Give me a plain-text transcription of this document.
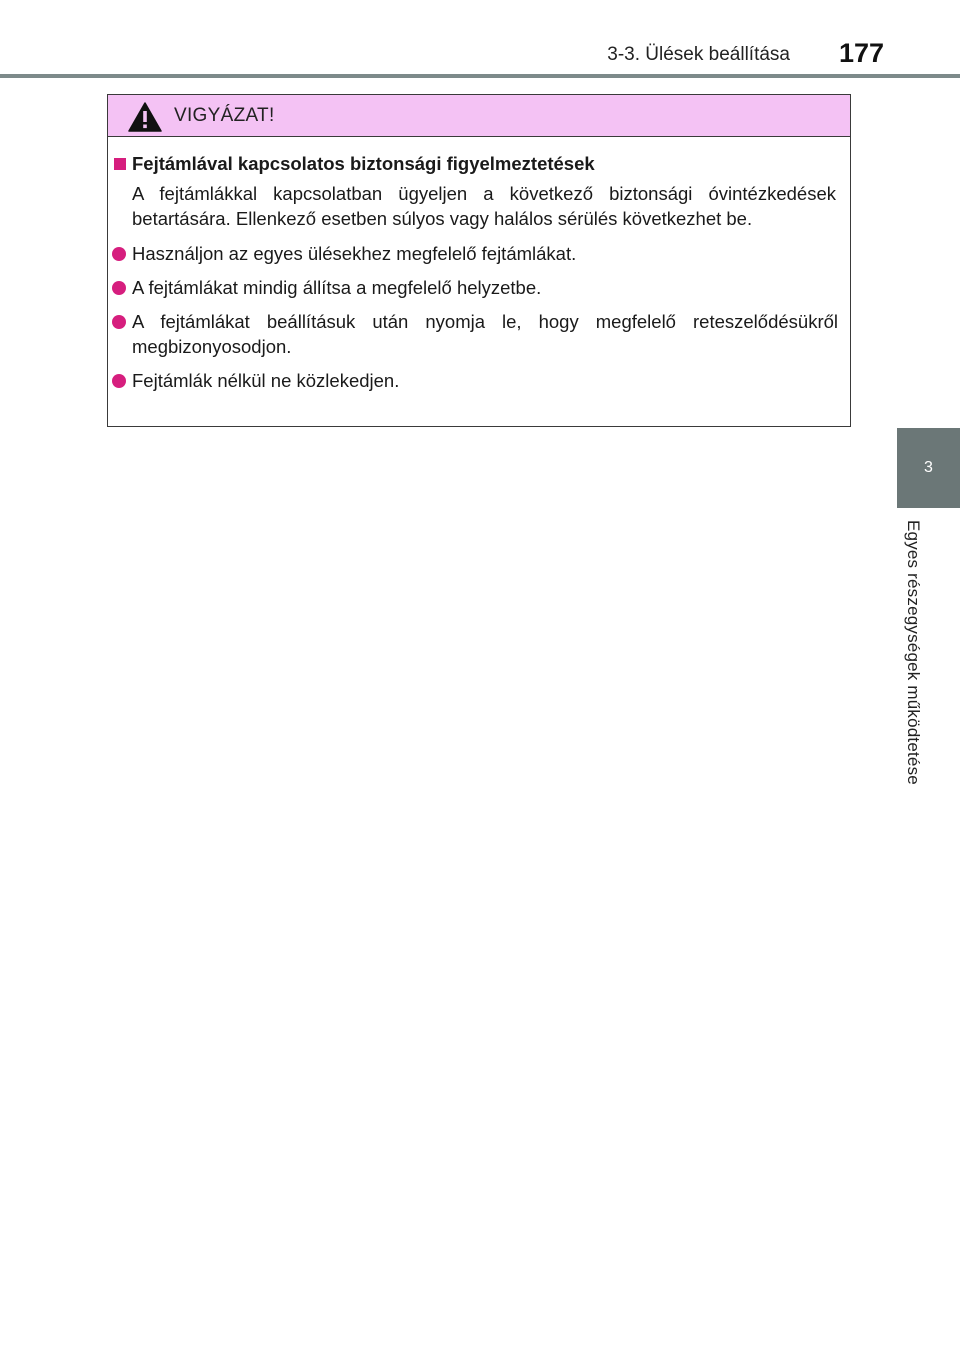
3-3. Ülések beállítása 177
3
Egyes részegységek működtetése
VIGYÁZAT!
Fejtámlával kapcsolatos biztonsági figyelmeztetések
A fejtámlákkal kapcsolatban ügyeljen a következő biztonsági óvintézkedések betartására. Ellenkező esetben súlyos vagy halálos sérülés következhet be.
Használjon az egyes ülésekhez megfelelő fejtámlákat.
A fejtámlákat mindig állítsa a megfelelő helyzetbe.
A fejtámlákat beállításuk után nyomja le, hogy megfelelő reteszelődésükről megbizonyosodjon.
Fejtámlák nélkül ne közlekedjen.
